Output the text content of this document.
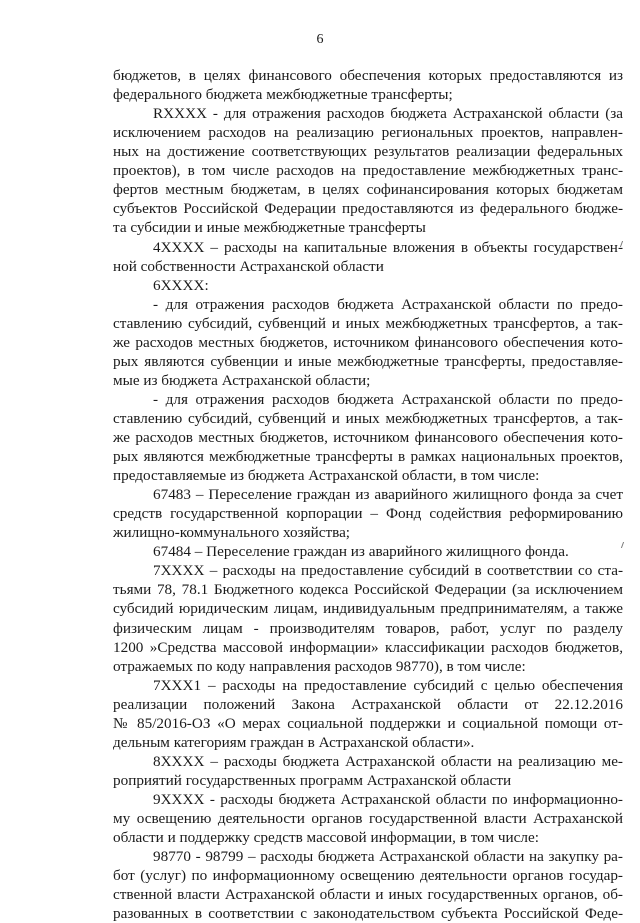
6
бюджетов, в целях финансового обеспечения которых предоставляются из
федерального бюджета межбюджетные трансферты;
RXXXX - для отражения расходов бюджета Астраханской области (за
исключением расходов на реализацию региональных проектов, направлен-
ных на достижение соответствующих результатов реализации федеральных
проектов), в том числе расходов на предоставление межбюджетных транс-
фертов местным бюджетам, в целях софинансирования которых бюджетам
субъектов Российской Федерации предоставляются из федерального бюдже-
та субсидии и иные межбюджетные трансферты
4XXXX – расходы на капитальные вложения в объекты государствен-
ной собственности Астраханской области
6XXXX:
- для отражения расходов бюджета Астраханской области по предо-
ставлению субсидий, субвенций и иных межбюджетных трансфертов, а так-
же расходов местных бюджетов, источником финансового обеспечения кото-
рых являются субвенции и иные межбюджетные трансферты, предоставляе-
мые из бюджета Астраханской области;
- для отражения расходов бюджета Астраханской области по предо-
ставлению субсидий, субвенций и иных межбюджетных трансфертов, а так-
же расходов местных бюджетов, источником финансового обеспечения кото-
рых являются межбюджетные трансферты в рамках национальных проектов,
предоставляемые из бюджета Астраханской области, в том числе:
67483 – Переселение граждан из аварийного жилищного фонда за счет
средств государственной корпорации – Фонд содействия реформированию
жилищно-коммунального хозяйства;
67484 – Переселение граждан из аварийного жилищного фонда.
7XXXX – расходы на предоставление субсидий в соответствии со ста-
тьями 78, 78.1 Бюджетного кодекса Российской Федерации (за исключением
субсидий юридическим лицам, индивидуальным предпринимателям, а также
физическим лицам - производителям товаров, работ, услуг по разделу
1200 »Средства массовой информации» классификации расходов бюджетов,
отражаемых по коду направления расходов 98770), в том числе:
7XXX1 – расходы на предоставление субсидий с целью обеспечения
реализации положений Закона Астраханской области от 22.12.2016
№ 85/2016-ОЗ «О мерах социальной поддержки и социальной помощи от-
дельным категориям граждан в Астраханской области».
8XXXX – расходы бюджета Астраханской области на реализацию ме-
роприятий государственных программ Астраханской области
9XXXX - расходы бюджета Астраханской области по информационно-
му освещению деятельности органов государственной власти Астраханской
области и поддержку средств массовой информации, в том числе:
98770 - 98799 – расходы бюджета Астраханской области на закупку ра-
бот (услуг) по информационному освещению деятельности органов государ-
ственной власти Астраханской области и иных государственных органов, об-
разованных в соответствии с законодательством субъекта Российской Феде-
